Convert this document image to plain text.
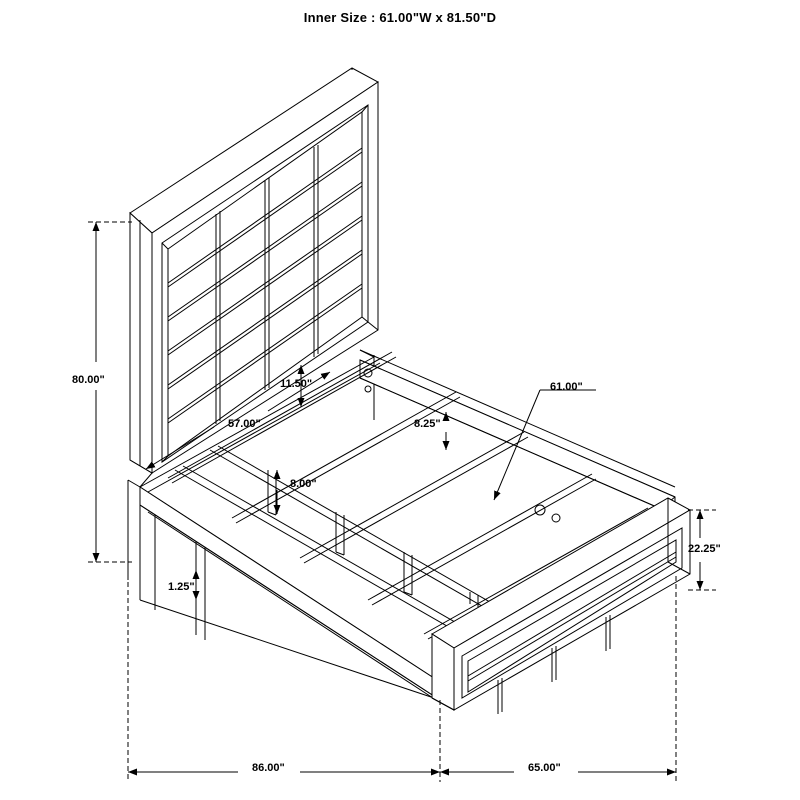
Inner Size : 61.00"W x 81.50"D
80.00"
57.00"
11.50"
8.00"
8.25"
61.00"
22.25"
1.25"
86.00"	65.00"
